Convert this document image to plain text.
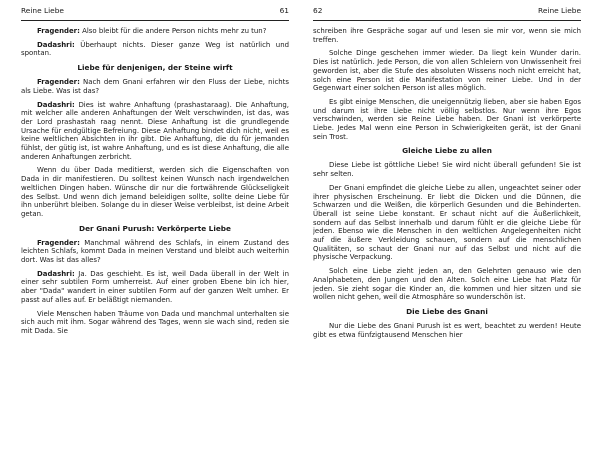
Reine Liebe	61

Fragender: Also bleibt für die andere Person nichts mehr zu tun?

Dadashri: Überhaupt nichts. Dieser ganze Weg ist natürlich und spontan.

Liebe für denjenigen, der Steine wirft

Fragender: Nach dem Gnani erfahren wir den Fluss der Liebe, nichts als Liebe. Was ist das?

Dadashri: Dies ist wahre Anhaftung (prashastaraag). Die Anhaftung, mit welcher alle anderen Anhaftungen der Welt verschwinden, ist das, was der Lord prashastah raag nennt. Diese Anhaftung ist die grundlegende Ursache für endgültige Befreiung. Diese Anhaftung bindet dich nicht, weil es keine weltlichen Absichten in ihr gibt. Die Anhaftung, die du für jemanden fühlst, der gütig ist, ist wahre Anhaftung, und es ist diese Anhaftung, die alle anderen Anhaftungen zerbricht.

Wenn du über Dada meditierst, werden sich die Eigenschaften von Dada in dir manifestieren. Du solltest keinen Wunsch nach irgendwelchen weltlichen Dingen haben. Wünsche dir nur die fortwährende Glückseligkeit des Selbst. Und wenn dich jemand beleidigen sollte, sollte deine Liebe für ihn unberührt bleiben. Solange du in dieser Weise verbleibst, ist deine Arbeit getan.

Der Gnani Purush: Verkörperte Liebe

Fragender: Manchmal während des Schlafs, in einem Zustand des leichten Schlafs, kommt Dada in meinen Verstand und bleibt auch weiterhin dort. Was ist das alles?

Dadashri: Ja. Das geschieht. Es ist, weil Dada überall in der Welt in einer sehr subtilen Form umherreist. Auf einer groben Ebene bin ich hier, aber "Dada" wandert in einer subtilen Form auf der ganzen Welt umher. Er passt auf alles auf. Er beläßtigt niemanden.

Viele Menschen haben Träume von Dada und manchmal unterhalten sie sich auch mit ihm. Sogar während des Tages, wenn sie wach sind, reden sie mit Dada. Sie

62	Reine Liebe

schreiben ihre Gespräche sogar auf und lesen sie mir vor, wenn sie mich treffen.

Solche Dinge geschehen immer wieder. Da liegt kein Wunder darin. Dies ist natürlich. Jede Person, die von allen Schleiern von Unwissenheit frei geworden ist, aber die Stufe des absoluten Wissens noch nicht erreicht hat, solch eine Person ist die Manifestation von reiner Liebe. Und in der Gegenwart einer solchen Person ist alles möglich.

Es gibt einige Menschen, die uneigennützig lieben, aber sie haben Egos und darum ist ihre Liebe nicht völlig selbstlos. Nur wenn ihre Egos verschwinden, werden sie Reine Liebe haben. Der Gnani ist verkörperte Liebe. Jedes Mal wenn eine Person in Schwierigkeiten gerät, ist der Gnani sein Trost.

Gleiche Liebe zu allen

Diese Liebe ist göttliche Liebe! Sie wird nicht überall gefunden! Sie ist sehr selten.

Der Gnani empfindet die gleiche Liebe zu allen, ungeachtet seiner oder ihrer physischen Erscheinung. Er liebt die Dicken und die Dünnen, die Schwarzen und die Weißen, die körperlich Gesunden und die Behinderten. Überall ist seine Liebe konstant. Er schaut nicht auf die Äußerlichkeit, sondern auf das Selbst innerhalb und darum fühlt er die gleiche Liebe für jeden. Ebenso wie die Menschen in den weltlichen Angelegenheiten nicht auf die äußere Verkleidung schauen, sondern auf die menschlichen Qualitäten, so schaut der Gnani nur auf das Selbst und nicht auf die physische Verpackung.

Solch eine Liebe zieht jeden an, den Gelehrten genauso wie den Analphabeten, den Jungen und den Alten. Solch eine Liebe hat Platz für jeden. Sie zieht sogar die Kinder an, die kommen und hier sitzen und sie wollen nicht gehen, weil die Atmosphäre so wunderschön ist.

Die Liebe des Gnani

Nur die Liebe des Gnani Purush ist es wert, beachtet zu werden! Heute gibt es etwa fünfzigtausend Menschen hier
